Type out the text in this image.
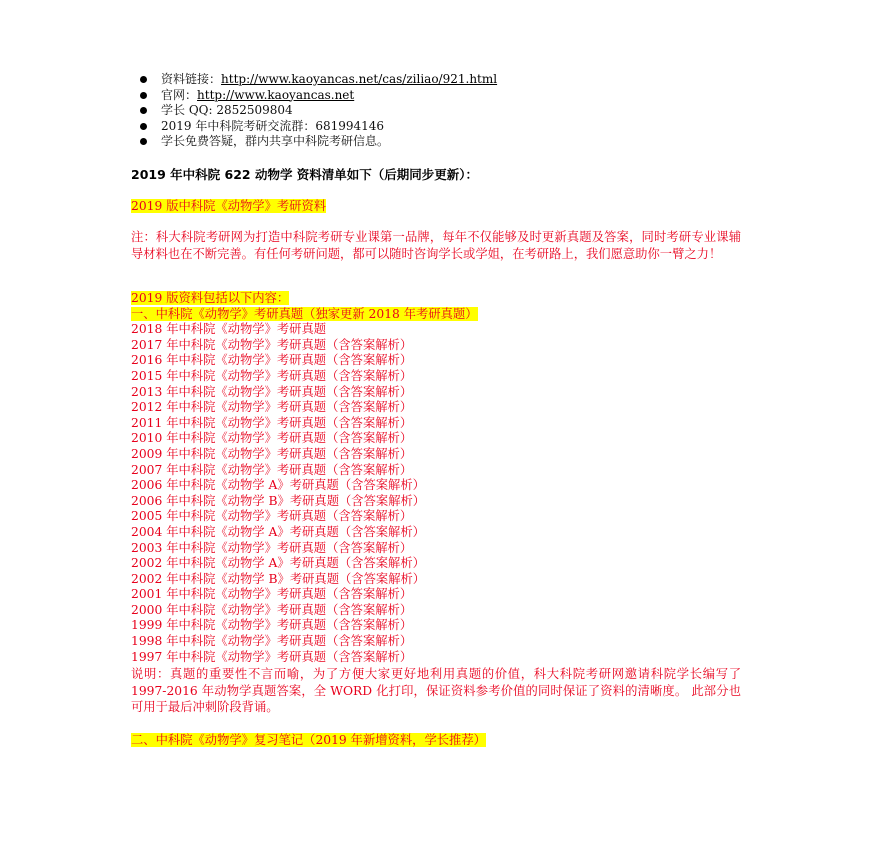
资料链接： http://www.kaoyancas.net/cas/ziliao/921.html
官网： http://www.kaoyancas.net
学长 QQ: 2852509804
2019 年中科院考研交流群：681994146
学长免费答疑，群内共享中科院考研信息。
2019 年中科院 622 动物学 资料清单如下（后期同步更新）：
2019 版中科院《动物学》考研资料
注：科大科院考研网为打造中科院考研专业课第一品牌，每年不仅能够及时更新真题及答案，同时考研专业课辅导材料也在不断完善。有任何考研问题，都可以随时咨询学长或学姐，在考研路上，我们愿意助你一臂之力！
2019 版资料包括以下内容：
一、中科院《动物学》考研真题（独家更新 2018 年考研真题）
2018 年中科院《动物学》考研真题
2017 年中科院《动物学》考研真题（含答案解析）
2016 年中科院《动物学》考研真题（含答案解析）
2015 年中科院《动物学》考研真题（含答案解析）
2013 年中科院《动物学》考研真题（含答案解析）
2012 年中科院《动物学》考研真题（含答案解析）
2011 年中科院《动物学》考研真题（含答案解析）
2010 年中科院《动物学》考研真题（含答案解析）
2009 年中科院《动物学》考研真题（含答案解析）
2007 年中科院《动物学》考研真题（含答案解析）
2006 年中科院《动物学 A》考研真题（含答案解析）
2006 年中科院《动物学 B》考研真题（含答案解析）
2005 年中科院《动物学》考研真题（含答案解析）
2004 年中科院《动物学 A》考研真题（含答案解析）
2003 年中科院《动物学》考研真题（含答案解析）
2002 年中科院《动物学 A》考研真题（含答案解析）
2002 年中科院《动物学 B》考研真题（含答案解析）
2001 年中科院《动物学》考研真题（含答案解析）
2000 年中科院《动物学》考研真题（含答案解析）
1999 年中科院《动物学》考研真题（含答案解析）
1998 年中科院《动物学》考研真题（含答案解析）
1997 年中科院《动物学》考研真题（含答案解析）
说明：真题的重要性不言而喻，为了方便大家更好地利用真题的价值，科大科院考研网邀请科院学长编写了 1997-2016 年动物学真题答案，全 WORD 化打印，保证资料参考价值的同时保证了资料的清晰度。 此部分也可用于最后冲刺阶段背诵。
二、中科院《动物学》复习笔记（2019 年新增资料，学长推荐）
